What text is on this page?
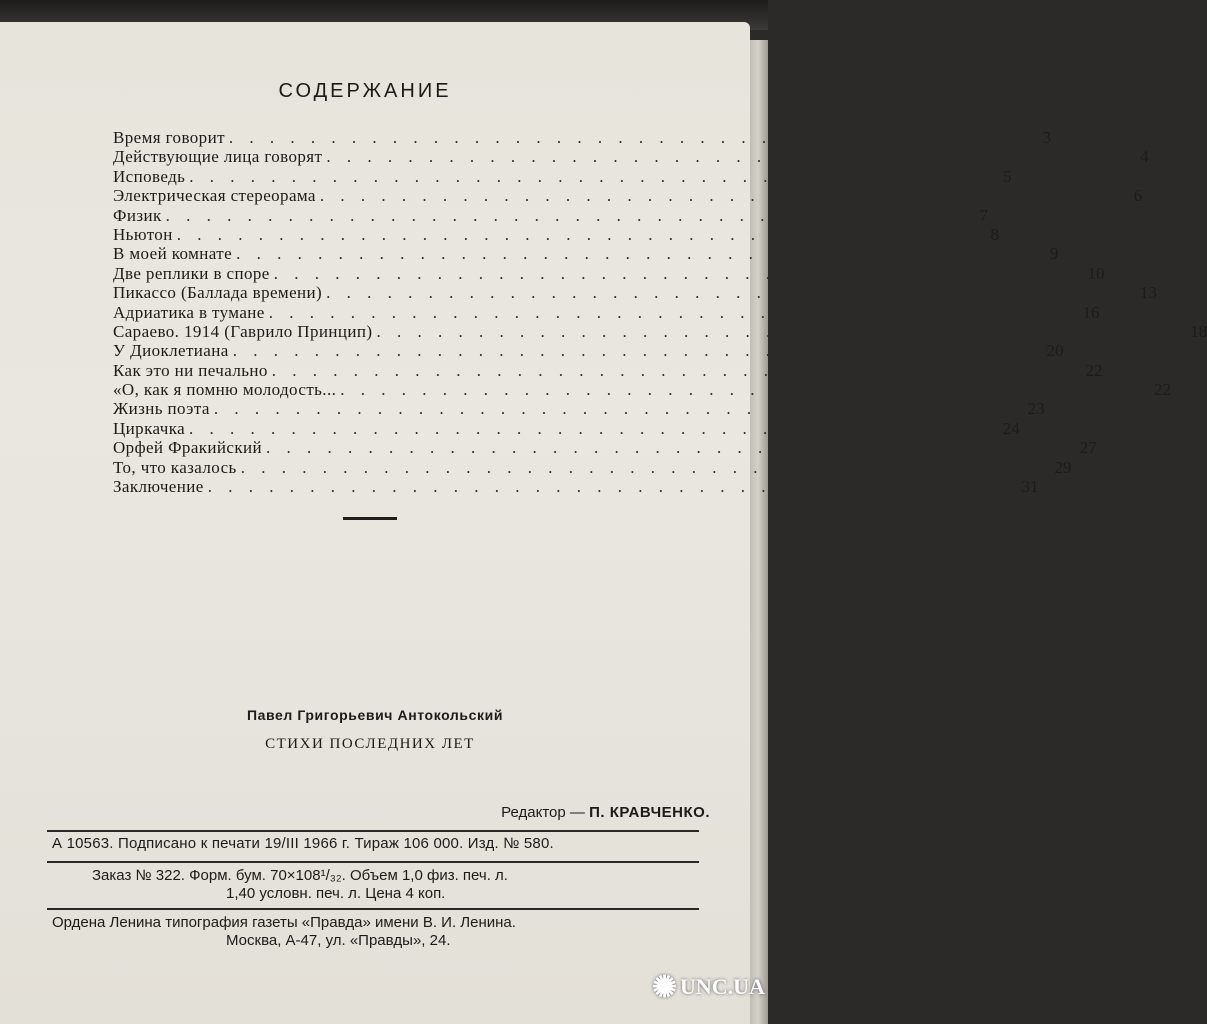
СОДЕРЖАНИЕ
Время говорит . . . . . . . . . . . . . . . . . . . . . . . . . . . . . . . . . . . . . . . . 3
Действующие лица говорят . . . . . . . . . . . . . . . . . . . . . . . . . . . . . . . . . . . . . . . . 4
Исповедь . . . . . . . . . . . . . . . . . . . . . . . . . . . . . . . . . . . . . . . . 5
Электрическая стереорама . . . . . . . . . . . . . . . . . . . . . . . . . . . . . . . . . . . . . . . . 6
Физик . . . . . . . . . . . . . . . . . . . . . . . . . . . . . . . . . . . . . . . . 7
Ньютон . . . . . . . . . . . . . . . . . . . . . . . . . . . . . . . . . . . . . . . . 8
В моей комнате . . . . . . . . . . . . . . . . . . . . . . . . . . . . . . . . . . . . . . . . 9
Две реплики в споре . . . . . . . . . . . . . . . . . . . . . . . . . . . . . . . . . . . . . . . . 10
Пикассо (Баллада времени) . . . . . . . . . . . . . . . . . . . . . . . . . . . . . . . . . . . . . . . . 13
Адриатика в тумане . . . . . . . . . . . . . . . . . . . . . . . . . . . . . . . . . . . . . . . . 16
Сараево. 1914 (Гаврило Принцип) . . . . . . . . . . . . . . . . . . . . . . . . . . . . . . . . . . . . . . . . 18
У Диоклетиана . . . . . . . . . . . . . . . . . . . . . . . . . . . . . . . . . . . . . . . . 20
Как это ни печально . . . . . . . . . . . . . . . . . . . . . . . . . . . . . . . . . . . . . . . . 22
«О, как я помню молодость... . . . . . . . . . . . . . . . . . . . . . . . . . . . . . . . . . . . . . . . . 22
Жизнь поэта . . . . . . . . . . . . . . . . . . . . . . . . . . . . . . . . . . . . . . . . 23
Циркачка . . . . . . . . . . . . . . . . . . . . . . . . . . . . . . . . . . . . . . . . 24
Орфей Фракийский . . . . . . . . . . . . . . . . . . . . . . . . . . . . . . . . . . . . . . . . 27
То, что казалось . . . . . . . . . . . . . . . . . . . . . . . . . . . . . . . . . . . . . . . . 29
Заключение . . . . . . . . . . . . . . . . . . . . . . . . . . . . . . . . . . . . . . . . 31
Павел Григорьевич Антокольский
СТИХИ ПОСЛЕДНИХ ЛЕТ
Редактор — П. КРАВЧЕНКО.
А 10563. Подписано к печати 19/III 1966 г. Тираж 106 000. Изд. № 580.
Заказ № 322. Форм. бум. 70×108¹/₃₂. Объем 1,0 физ. печ. л.
1,40 условн. печ. л. Цена 4 коп.
Ордена Ленина типография газеты «Правда» имени В. И. Ленина.
Москва, А-47, ул. «Правды», 24.
✺ UNC.UA
